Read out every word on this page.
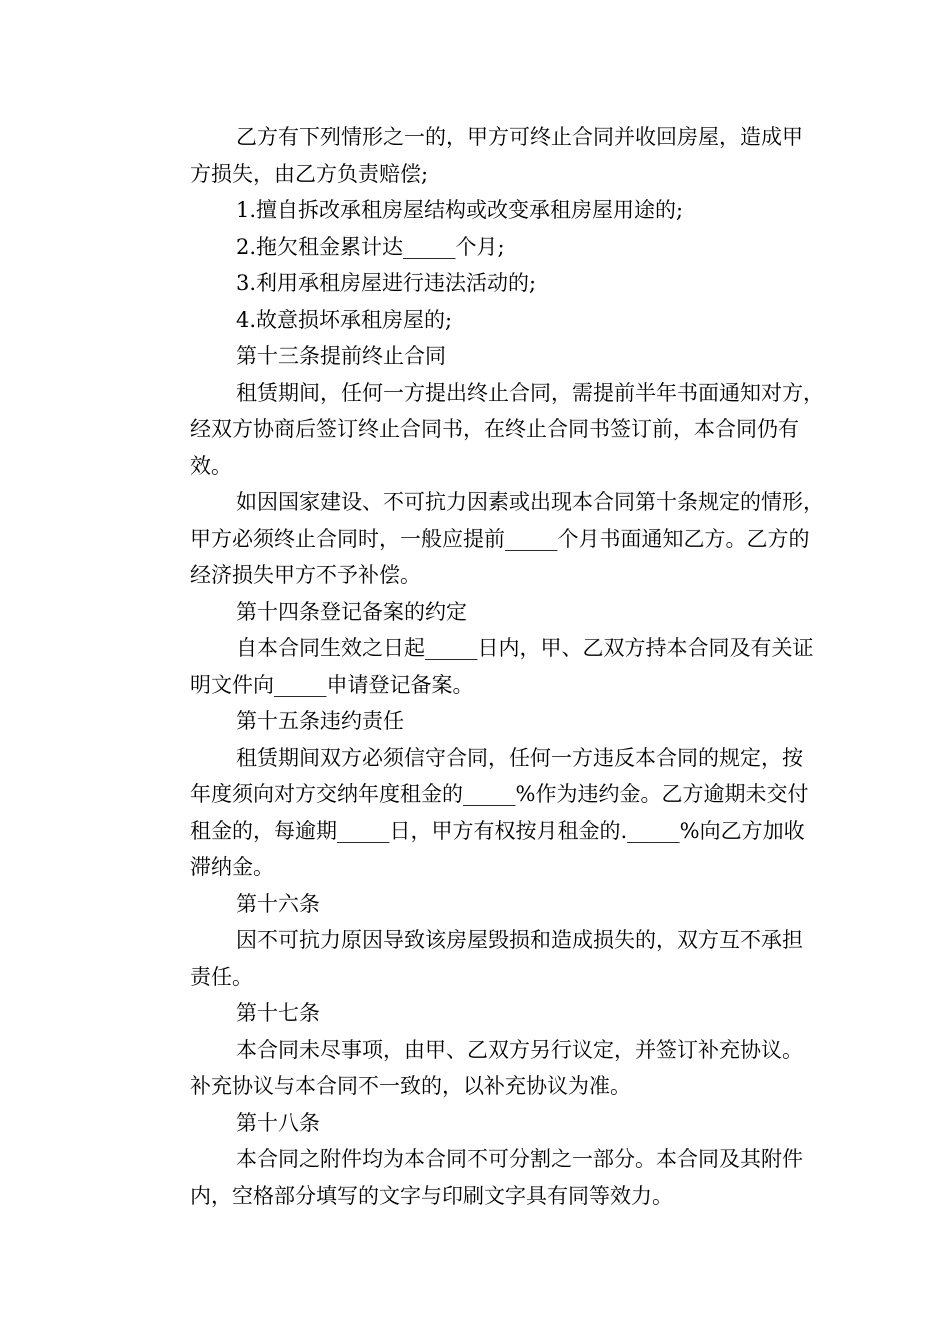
乙方有下列情形之一的，甲方可终止合同并收回房屋，造成甲
方损失，由乙方负责赔偿;
1.擅自拆改承租房屋结构或改变承租房屋用途的;
2.拖欠租金累计达_____个月;
3.利用承租房屋进行违法活动的;
4.故意损坏承租房屋的;
第十三条提前终止合同
租赁期间，任何一方提出终止合同，需提前半年书面通知对方，
经双方协商后签订终止合同书，在终止合同书签订前，本合同仍有
效。
如因国家建设、不可抗力因素或出现本合同第十条规定的情形，
甲方必须终止合同时，一般应提前_____个月书面通知乙方。乙方的
经济损失甲方不予补偿。
第十四条登记备案的约定
自本合同生效之日起_____日内，甲、乙双方持本合同及有关证
明文件向_____申请登记备案。
第十五条违约责任
租赁期间双方必须信守合同，任何一方违反本合同的规定，按
年度须向对方交纳年度租金的_____%作为违约金。乙方逾期未交付
租金的，每逾期_____日，甲方有权按月租金的._____%向乙方加收
滞纳金。
第十六条
因不可抗力原因导致该房屋毁损和造成损失的，双方互不承担
责任。
第十七条
本合同未尽事项，由甲、乙双方另行议定，并签订补充协议。
补充协议与本合同不一致的，以补充协议为准。
第十八条
本合同之附件均为本合同不可分割之一部分。本合同及其附件
内，空格部分填写的文字与印刷文字具有同等效力。
